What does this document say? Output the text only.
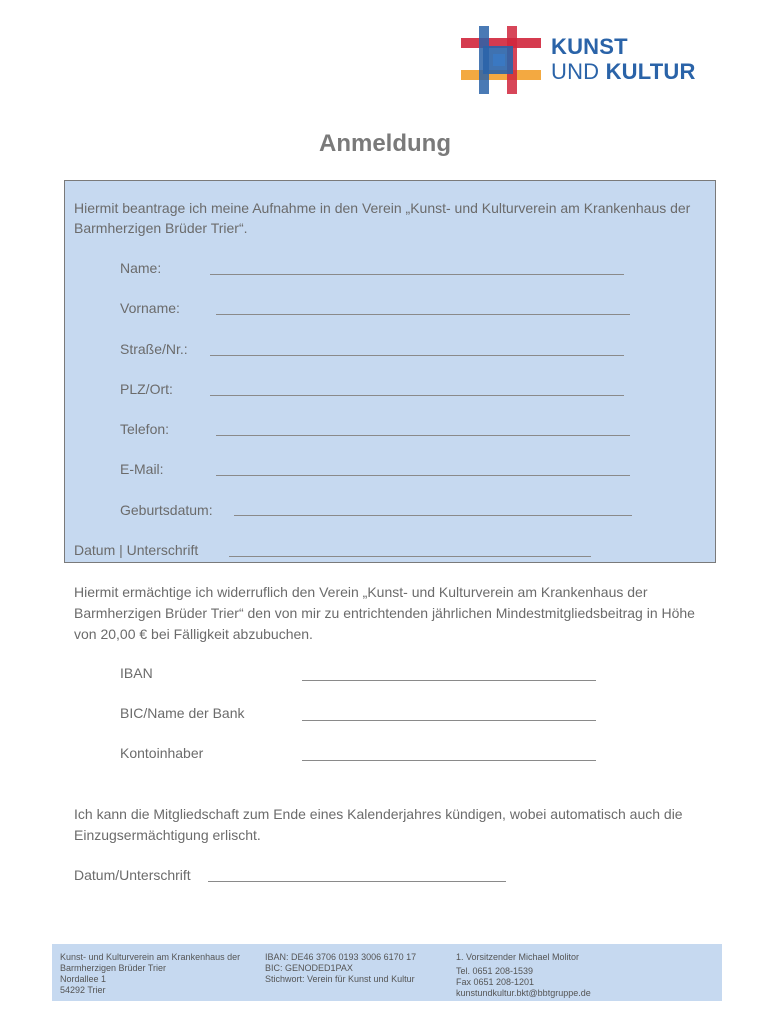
KUNST
UND KULTUR
Anmeldung
Hiermit beantrage ich meine Aufnahme in den Verein „Kunst- und Kulturverein am Krankenhaus der Barmherzigen Brüder Trier“.
Name:
Vorname:
Straße/Nr.:
PLZ/Ort:
Telefon:
E-Mail:
Geburtsdatum:
Datum | Unterschrift
Hiermit ermächtige ich widerruflich den Verein „Kunst- und Kulturverein am Krankenhaus der Barmherzigen Brüder Trier“ den von mir zu entrichtenden jährlichen Mindestmitgliedsbeitrag in Höhe von 20,00 € bei Fälligkeit abzubuchen.
IBAN
BIC/Name der Bank
Kontoinhaber
Ich kann die Mitgliedschaft zum Ende eines Kalenderjahres kündigen, wobei automatisch auch die Einzugsermächtigung erlischt.
Datum/Unterschrift
Kunst- und Kulturverein am Krankenhaus der
Barmherzigen Brüder Trier
Nordallee 1
54292 Trier
IBAN: DE46 3706 0193 3006 6170 17
BIC: GENODED1PAX
Stichwort: Verein für Kunst und Kultur
1. Vorsitzender Michael Molitor
Tel. 0651 208-1539
Fax 0651 208-1201
kunstundkultur.bkt@bbtgruppe.de
